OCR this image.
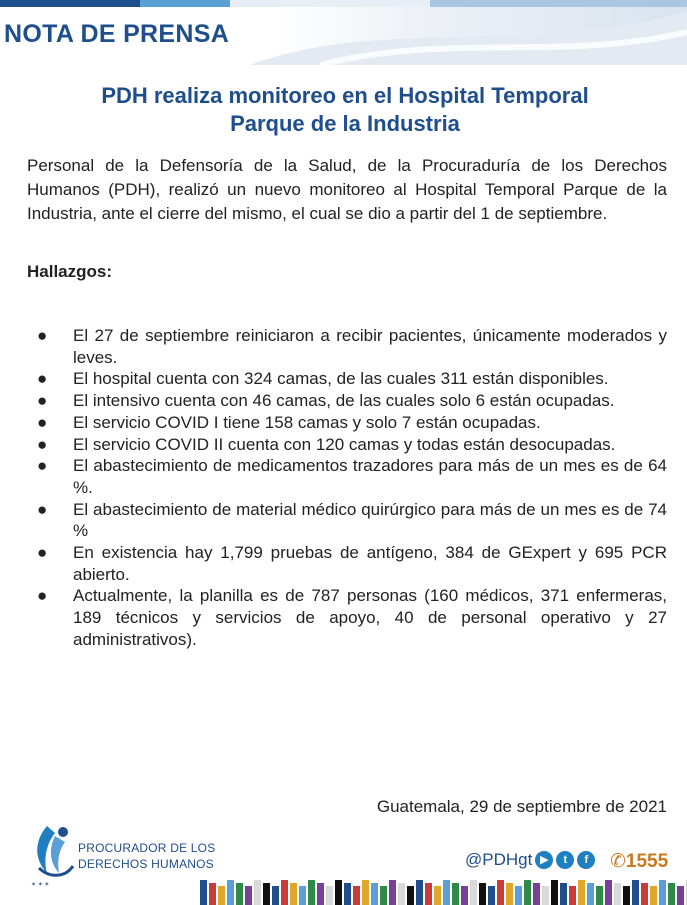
NOTA DE PRENSA
PDH realiza monitoreo en el Hospital Temporal
Parque de la Industria
Personal de la Defensoría de la Salud, de la Procuraduría de los Derechos Humanos (PDH), realizó un nuevo monitoreo al Hospital Temporal Parque de la Industria, ante el cierre del mismo, el cual se dio a partir del 1 de septiembre.
Hallazgos:
● El 27 de septiembre reiniciaron a recibir pacientes, únicamente moderados y leves.
● El hospital cuenta con 324 camas, de las cuales 311 están disponibles.
● El intensivo cuenta con 46 camas, de las cuales solo 6 están ocupadas.
● El servicio COVID I tiene 158 camas y solo 7 están ocupadas.
● El servicio COVID II cuenta con 120 camas y todas están desocupadas.
● El abastecimiento de medicamentos trazadores para más de un mes es de 64 %.
● El abastecimiento de material médico quirúrgico para más de un mes es de 74 %
● En existencia hay 1,799 pruebas de antígeno, 384 de GExpert y 695 PCR abierto.
● Actualmente, la planilla es de 787 personas (160 médicos, 371 enfermeras, 189 técnicos y servicios de apoyo, 40 de personal operativo y 27 administrativos).
Guatemala, 29 de septiembre de 2021
✶ ✶ ✶
PROCURADOR DE LOS
DERECHOS HUMANOS	@PDHgt ▶	t	f	✆1555
